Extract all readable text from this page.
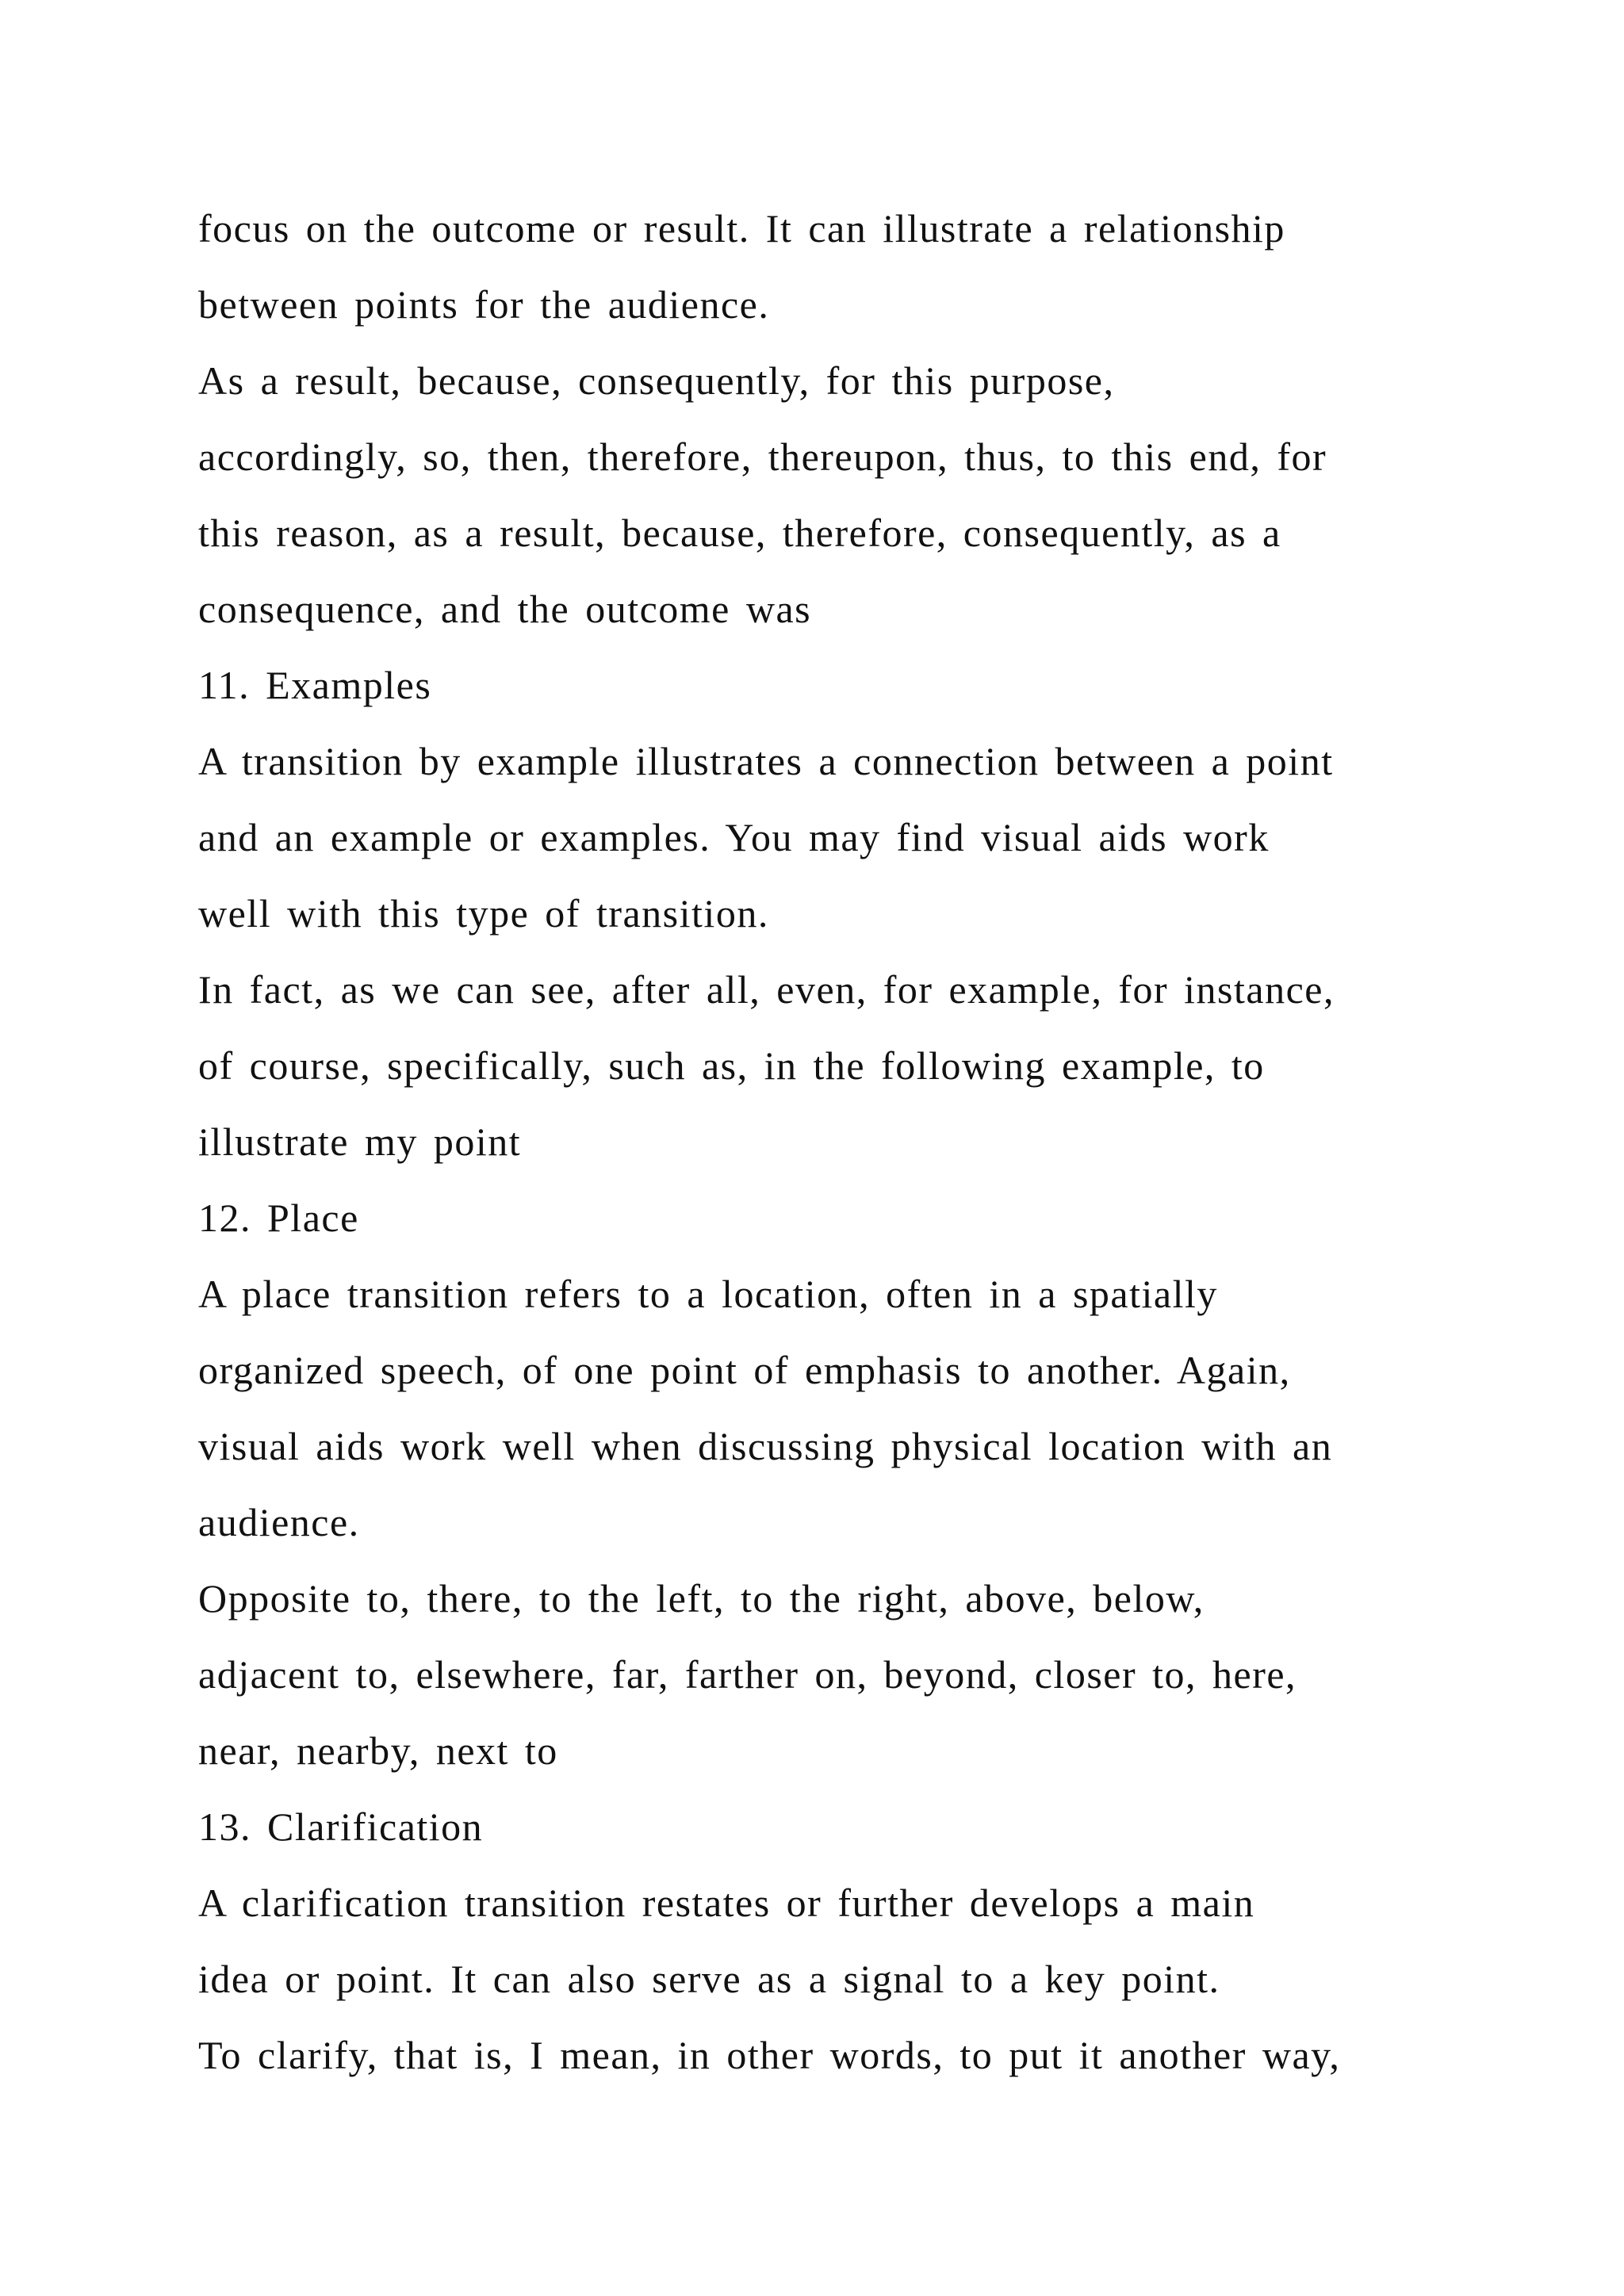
focus on the outcome or result. It can illustrate a relationship
between points for the audience.
As a result, because, consequently, for this purpose,
accordingly, so, then, therefore, thereupon, thus, to this end, for
this reason, as a result, because, therefore, consequently, as a
consequence, and the outcome was
11. Examples
A transition by example illustrates a connection between a point
and an example or examples. You may find visual aids work
well with this type of transition.
In fact, as we can see, after all, even, for example, for instance,
of course, specifically, such as, in the following example, to
illustrate my point
12. Place
A place transition refers to a location, often in a spatially
organized speech, of one point of emphasis to another. Again,
visual aids work well when discussing physical location with an
audience.
Opposite to, there, to the left, to the right, above, below,
adjacent to, elsewhere, far, farther on, beyond, closer to, here,
near, nearby, next to
13. Clarification
A clarification transition restates or further develops a main
idea or point. It can also serve as a signal to a key point.
To clarify, that is, I mean, in other words, to put it another way,
